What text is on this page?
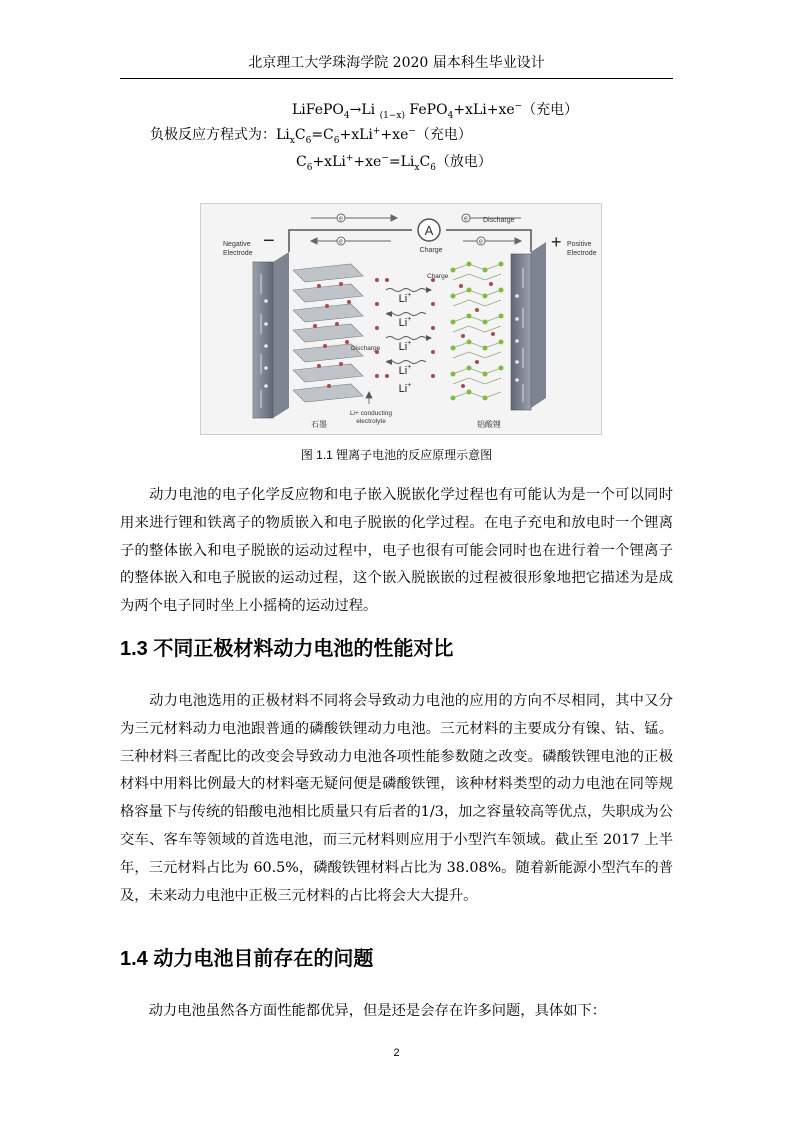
北京理工大学珠海学院 2020 届本科生毕业设计
LiFePO$_4$→Li $_{(1-x)}$ FePO$_4$+xLi+xe−（充电）
负极反应方程式为：$Li_xC_6=C_6+xLi^++xe^-$（充电）
$C_6+xLi^++xe^-=Li_xC_6$（放电）
A
e
e
e
e
Discharge
Charge
−
Negative
Electrode
+ Positive
Electrode
Charge
Discharge
Li+
Li+
Li+
Li+
Li+
Li+ conducting
electrolyte
石墨	铝酸锂
图 1.1 锂离子电池的反应原理示意图

　　动力电池的电子化学反应物和电子嵌入脱嵌化学过程也有可能认为是一个可以同时用来进行锂和铁离子的物质嵌入和电子脱嵌的化学过程。在电子充电和放电时一个锂离子的整体嵌入和电子脱嵌的运动过程中，电子也很有可能会同时也在进行着一个锂离子的整体嵌入和电子脱嵌的运动过程，这个嵌入脱嵌嵌的过程被很形象地把它描述为是成为两个电子同时坐上小摇椅的运动过程。

1.3 不同正极材料动力电池的性能对比

　　动力电池选用的正极材料不同将会导致动力电池的应用的方向不尽相同，其中又分为三元材料动力电池跟普通的磷酸铁锂动力电池。三元材料的主要成分有镍、钴、锰。三种材料三者配比的改变会导致动力电池各项性能参数随之改变。磷酸铁锂电池的正极材料中用料比例最大的材料毫无疑问便是磷酸铁锂，该种材料类型的动力电池在同等规格容量下与传统的铅酸电池相比质量只有后者的1/3，加之容量较高等优点，失职成为公交车、客车等领域的首选电池，而三元材料则应用于小型汽车领域。截止至 2017 上半年，三元材料占比为 60.5%，磷酸铁锂材料占比为 38.08%。随着新能源小型汽车的普及，未来动力电池中正极三元材料的占比将会大大提升。

1.4 动力电池目前存在的问题

　　动力电池虽然各方面性能都优异，但是还是会存在许多问题，具体如下：

2
